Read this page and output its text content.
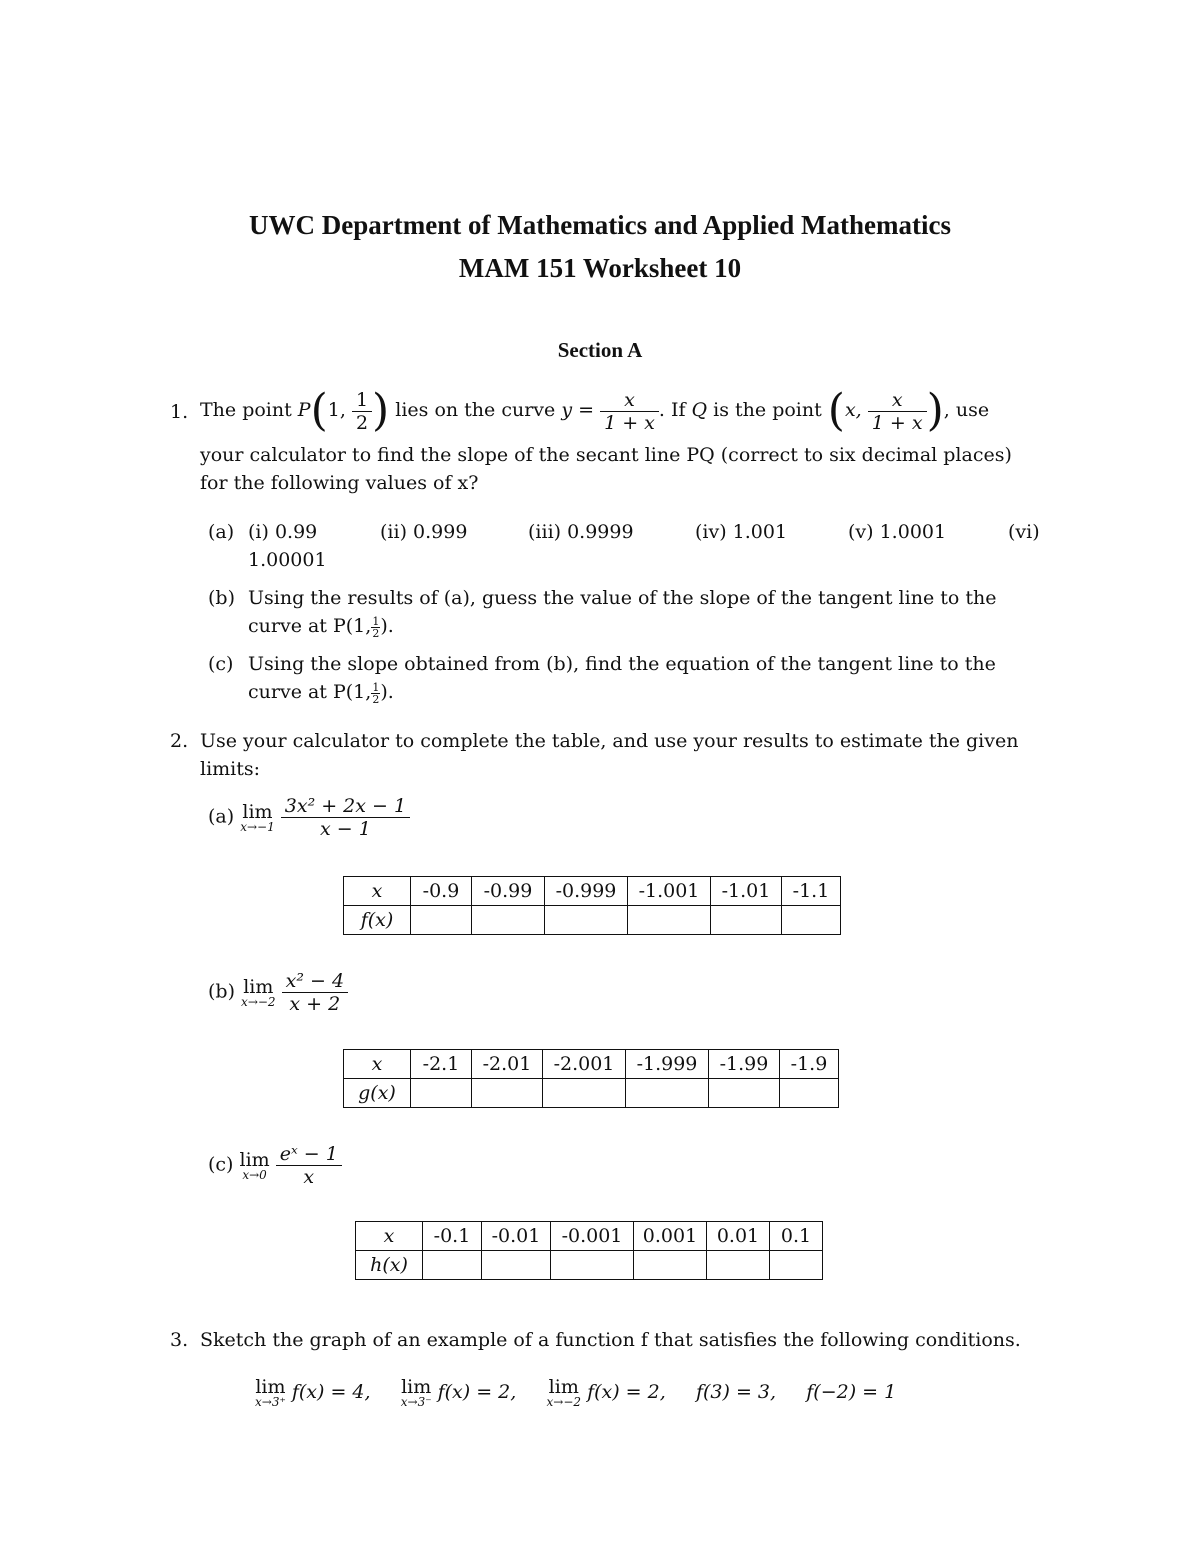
UWC Department of Mathematics and Applied Mathematics
MAM 151 Worksheet 10
Section A
1. The point P(1, $\frac{1}{2}$ ) lies on the curve $y = \frac{x}{1 + x}$ . If Q is the point (x, $\frac{x}{1 + x}$ ), use
your calculator to find the slope of the secant line PQ (correct to six decimal places)
for the following values of x?
(a) (i) 0.99	(ii) 0.999	(iii) 0.9999	(iv) 1.001	(v) 1.0001	(vi)
1.00001
(b) Using the results of (a), guess the value of the slope of the tangent line to the
curve at P(1, $\frac{1}{2}$ ).
(c) Using the slope obtained from (b), find the equation of the tangent line to the
curve at P(1, $\frac{1}{2}$ ).
2. Use your calculator to complete the table, and use your results to estimate the given
limits:
(a) lim
x→−1
$\frac{\text{3x² + 2x − 1}}{x - 1}$
x	-0.9	-0.99	-0.999	-1.001	-1.01	-1.1
f(x)						
(b) lim
x→−2
$\frac{\text{x² − 4}}{x + 2}$
x	-2.1	-2.01	-2.001	-1.999	-1.99	-1.9
g(x)						
(c) lim
x→0
$\frac{\text{eˣ − 1}}{x}$
x	-0.1	-0.01	-0.001	0.001	0.01	0.1
h(x)						
3. Sketch the graph of an example of a function f that satisfies the following conditions.
lim
x→3⁺ f(x) = 4, lim
x→3⁻ f(x) = 2, lim
x→−2 f(x) = 2, f(3) = 3, f(−2) = 1
